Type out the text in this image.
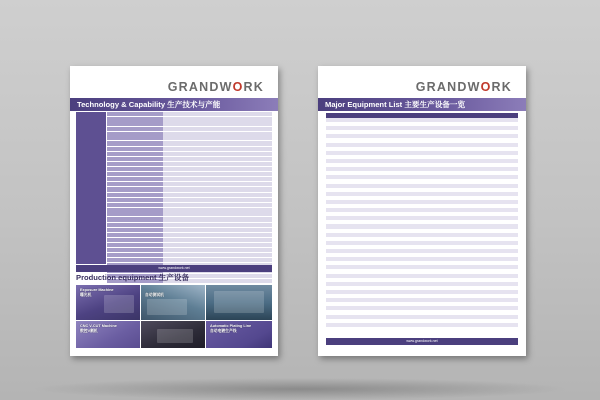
GRANDWORK
Technology & Capability 生产技术与产能
www.grandwork.net
Production equipment 生产设备
Exposure Machine
曝光机	自动测试机
CNC V-CUT Machine
数控V割机
Automatic Plating Line
自动电镀生产线
GRANDWORK
Major Equipment List 主要生产设备一览
www.grandwork.net
